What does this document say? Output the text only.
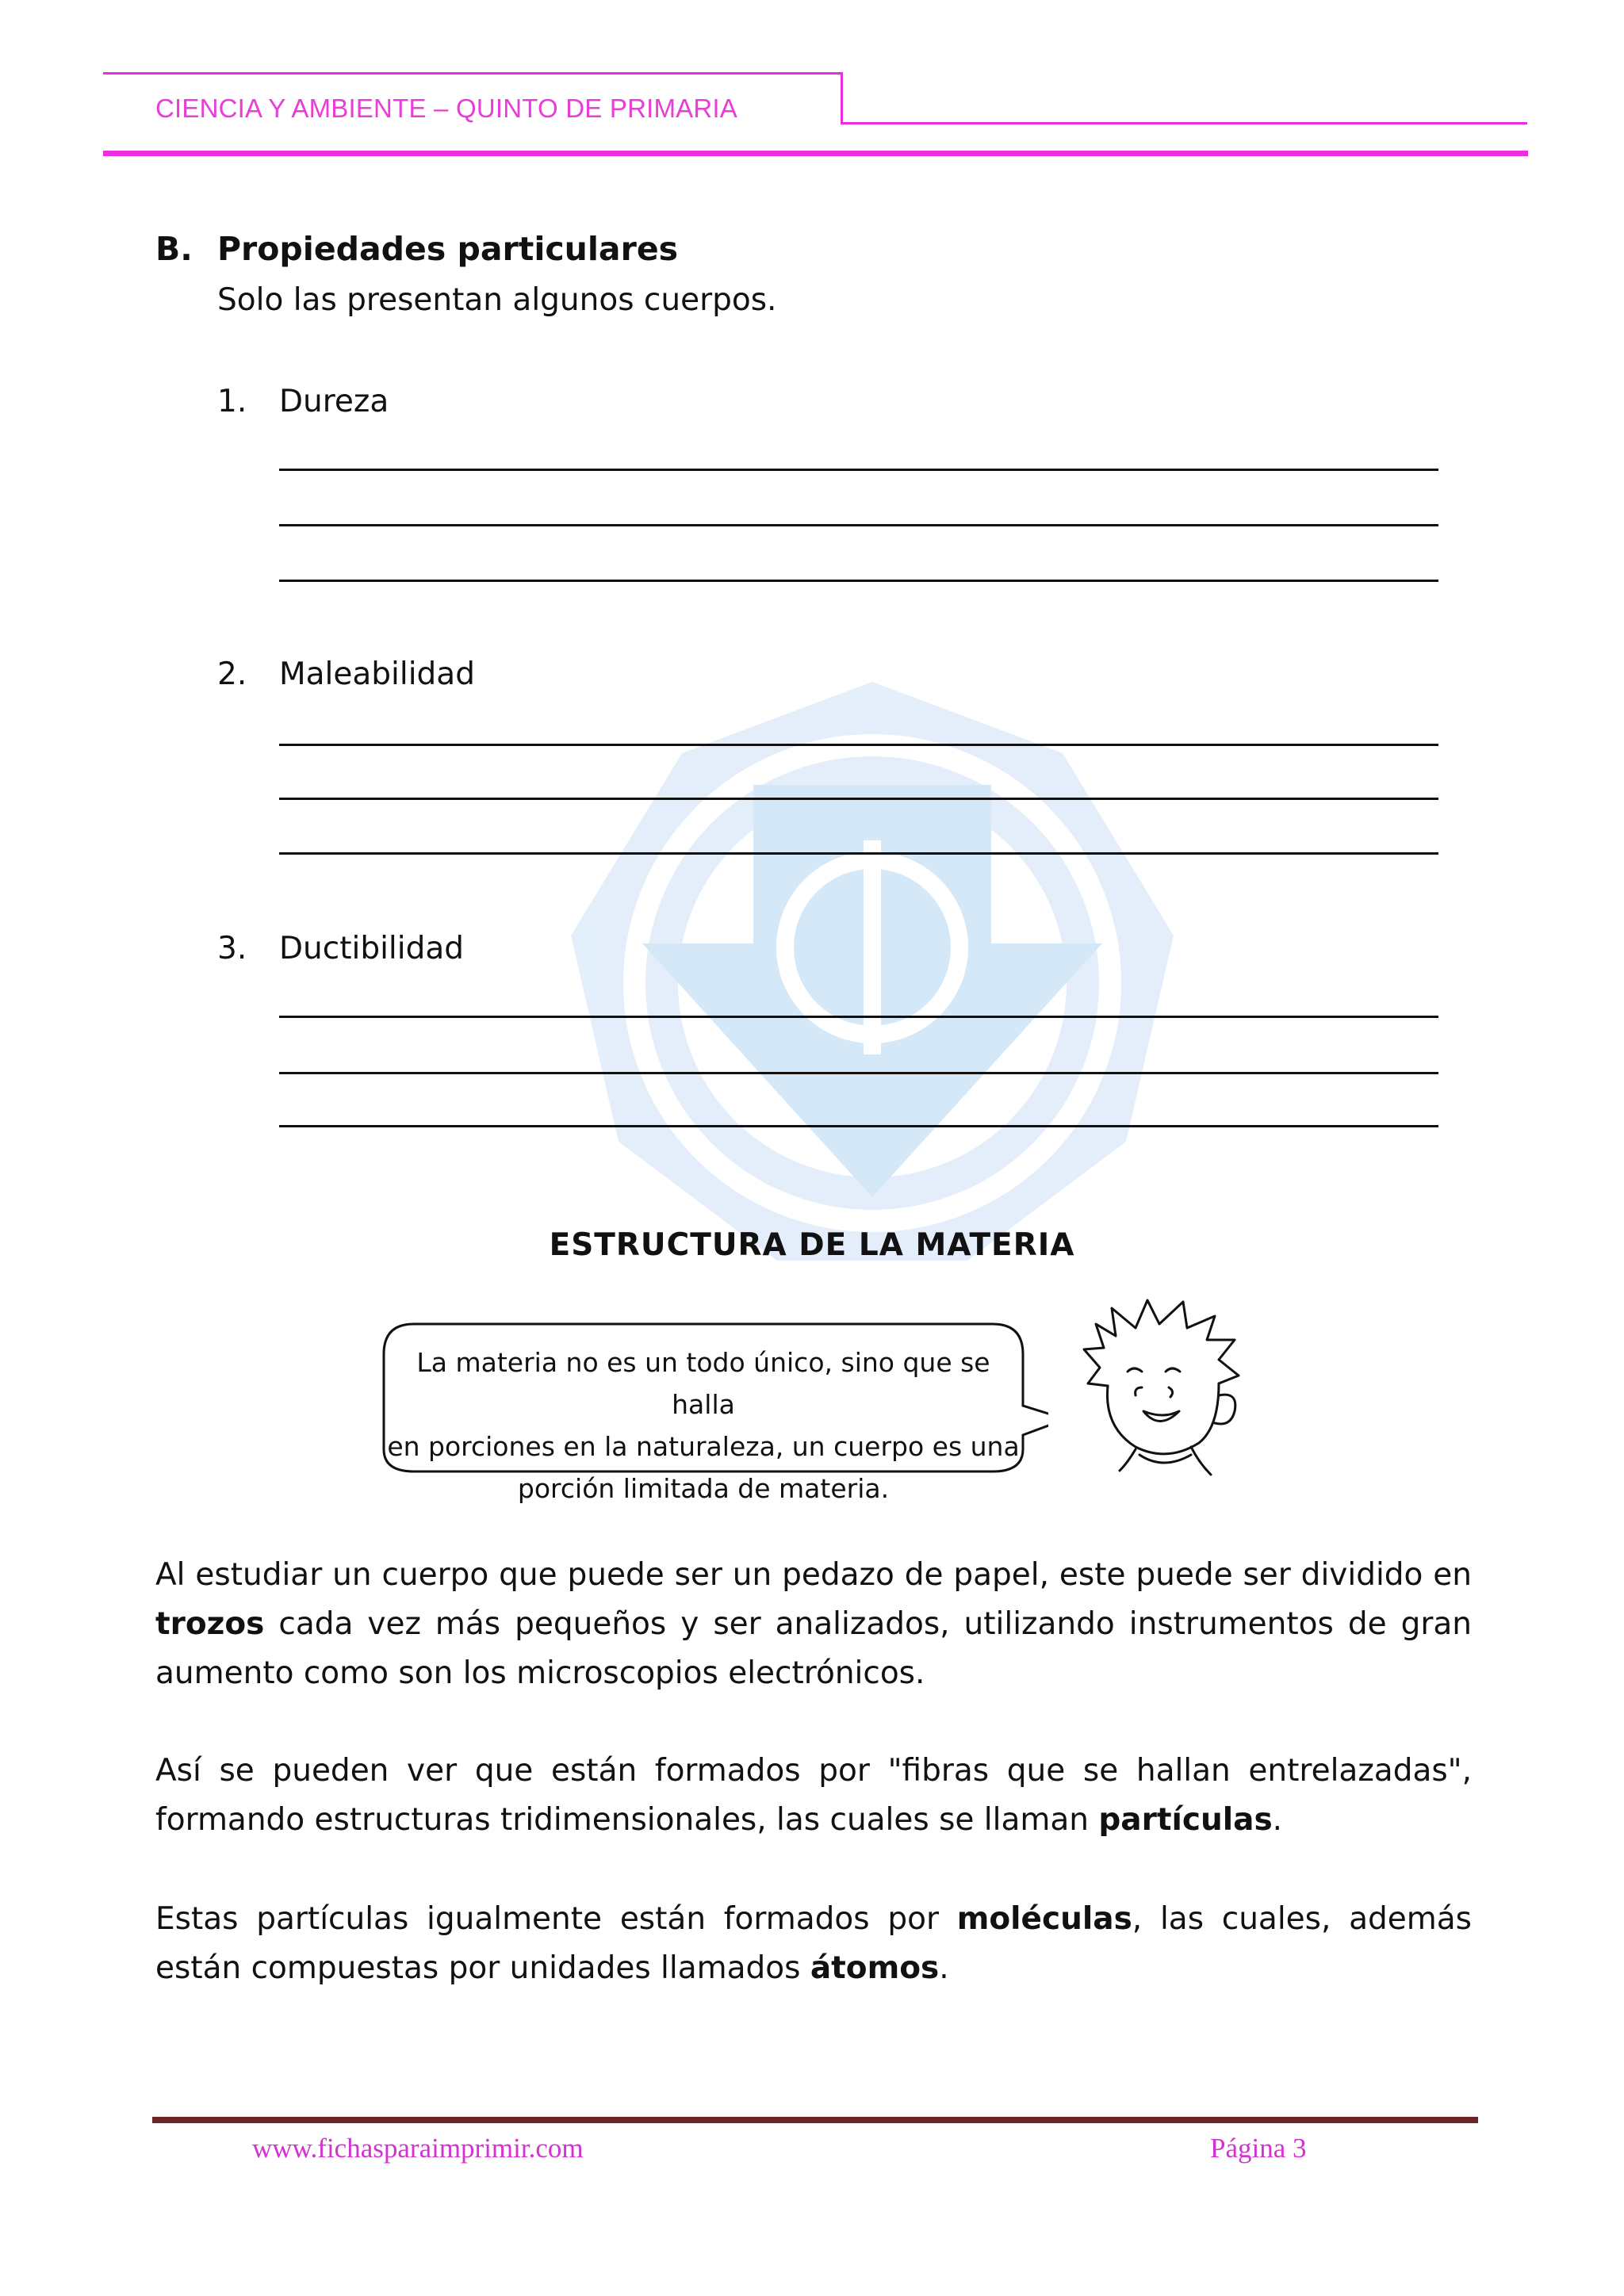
CIENCIA Y AMBIENTE – QUINTO DE PRIMARIA
B. Propiedades particulares
Solo las presentan algunos cuerpos.
1. Dureza
2. Maleabilidad
3. Ductibilidad
ESTRUCTURA DE LA MATERIA
La materia no es un todo único, sino que se halla
en porciones en la naturaleza, un cuerpo es una
porción limitada de materia.
Al estudiar un cuerpo que puede ser un pedazo de papel, este puede ser dividido en trozos cada vez más pequeños y ser analizados, utilizando instrumentos de gran aumento como son los microscopios electrónicos.
Así se pueden ver que están formados por "fibras que se hallan entrelazadas", formando estructuras tridimensionales, las cuales se llaman partículas.
Estas partículas igualmente están formados por moléculas, las cuales, además están compuestas por unidades llamados átomos.
www.fichasparaimprimir.com	Página 3
